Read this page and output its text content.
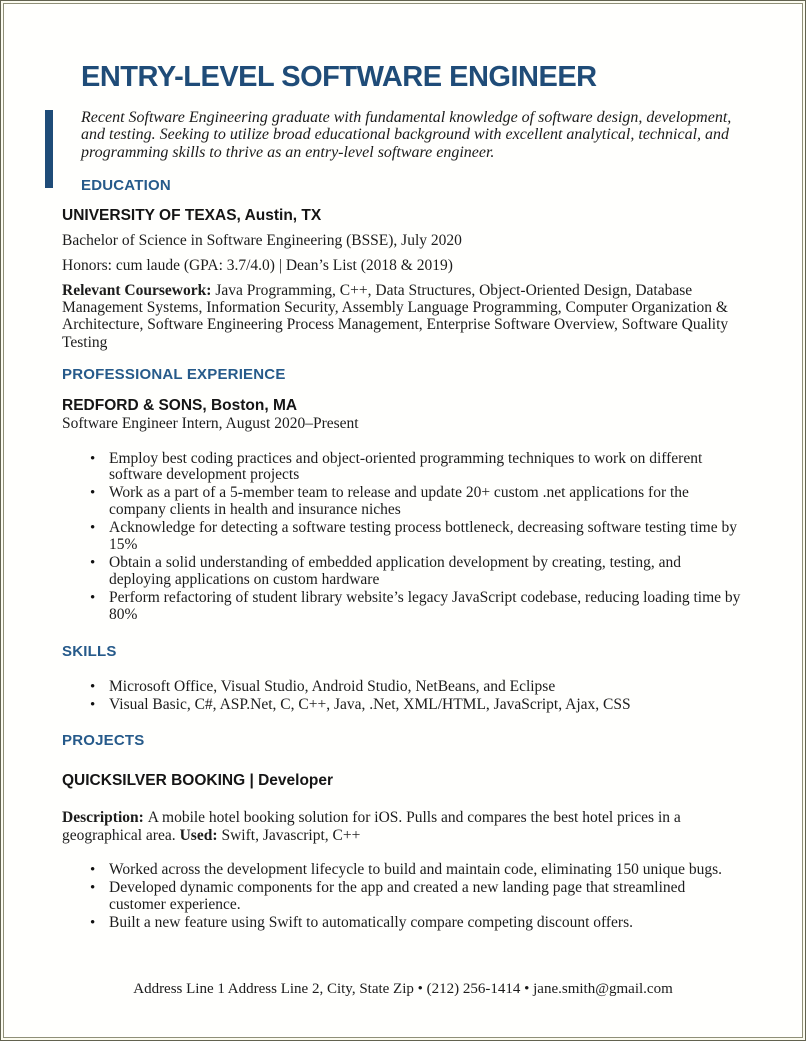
ENTRY-LEVEL SOFTWARE ENGINEER

Recent Software Engineering graduate with fundamental knowledge of software design, development, and testing. Seeking to utilize broad educational background with excellent analytical, technical, and programming skills to thrive as an entry-level software engineer.

EDUCATION

UNIVERSITY OF TEXAS, Austin, TX

Bachelor of Science in Software Engineering (BSSE), July 2020

Honors: cum laude (GPA: 3.7/4.0) | Dean’s List (2018 & 2019)

Relevant Coursework: Java Programming, C++, Data Structures, Object-Oriented Design, Database Management Systems, Information Security, Assembly Language Programming, Computer Organization & Architecture, Software Engineering Process Management, Enterprise Software Overview, Software Quality Testing

PROFESSIONAL EXPERIENCE

REDFORD & SONS, Boston, MA

Software Engineer Intern, August 2020–Present

• Employ best coding practices and object-oriented programming techniques to work on different software development projects
• Work as a part of a 5-member team to release and update 20+ custom .net applications for the company clients in health and insurance niches
• Acknowledge for detecting a software testing process bottleneck, decreasing software testing time by 15%
• Obtain a solid understanding of embedded application development by creating, testing, and deploying applications on custom hardware
• Perform refactoring of student library website’s legacy JavaScript codebase, reducing loading time by 80%
SKILLS
• Microsoft Office, Visual Studio, Android Studio, NetBeans, and Eclipse
• Visual Basic, C#, ASP.Net, C, C++, Java, .Net, XML/HTML, JavaScript, Ajax, CSS
PROJECTS

QUICKSILVER BOOKING | Developer

Description: A mobile hotel booking solution for iOS. Pulls and compares the best hotel prices in a geographical area. Used: Swift, Javascript, C++

• Worked across the development lifecycle to build and maintain code, eliminating 150 unique bugs.
• Developed dynamic components for the app and created a new landing page that streamlined customer experience.
• Built a new feature using Swift to automatically compare competing discount offers.
Address Line 1 Address Line 2, City, State Zip • (212) 256-1414 • jane.smith@gmail.com
